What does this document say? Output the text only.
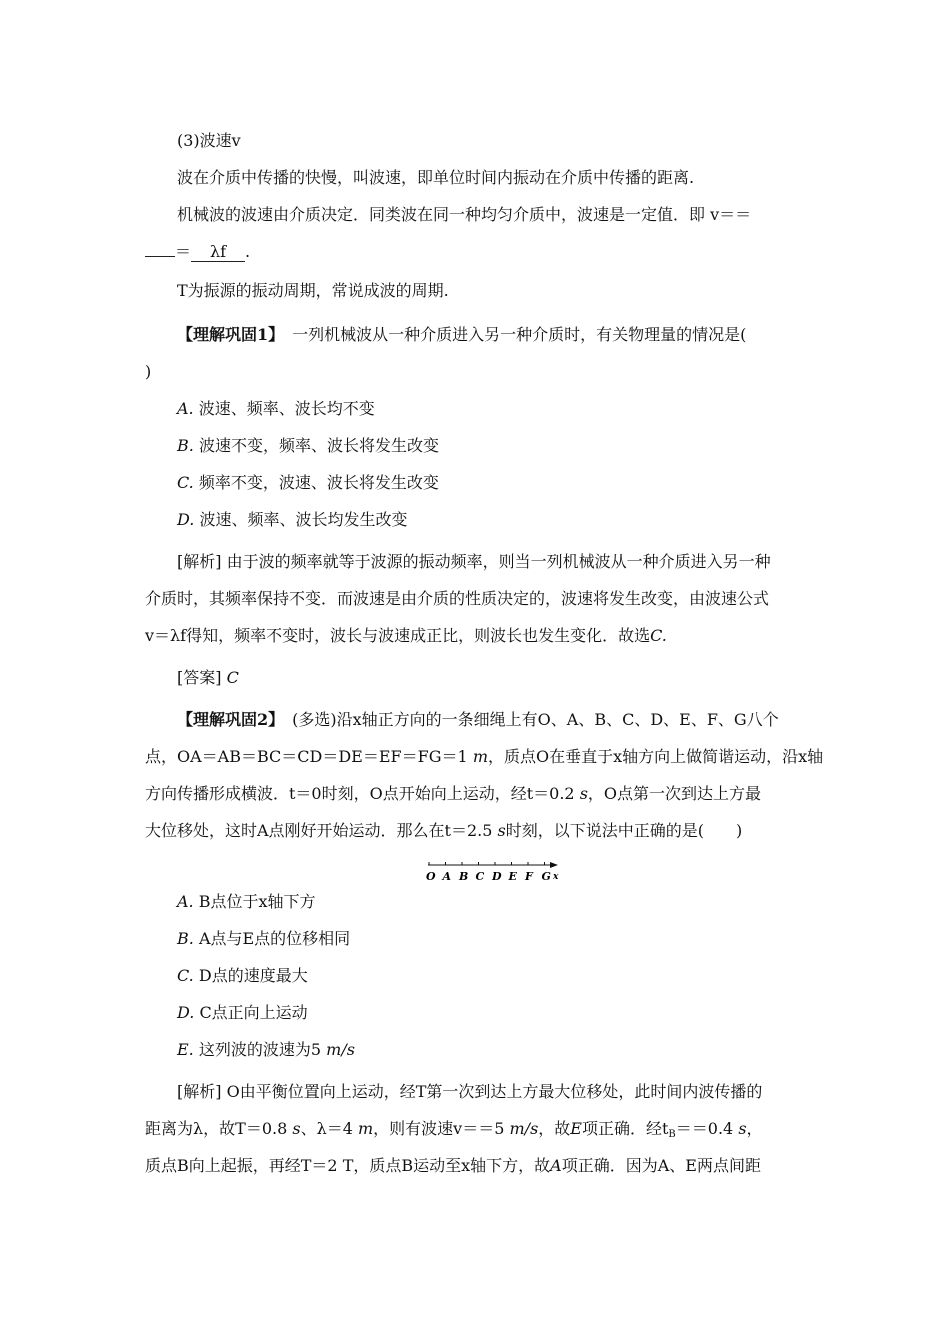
(3)波速v
波在介质中传播的快慢，叫波速，即单位时间内振动在介质中传播的距离.
机械波的波速由介质决定．同类波在同一种均匀介质中，波速是一定值．即 v＝＝
＝ λf .
T为振源的振动周期，常说成波的周期.
【理解巩固1】　一列机械波从一种介质进入另一种介质时，有关物理量的情况是(
)
A. 波速、频率、波长均不变
B. 波速不变，频率、波长将发生改变
C. 频率不变，波速、波长将发生改变
D. 波速、频率、波长均发生改变
[解析] 由于波的频率就等于波源的振动频率，则当一列机械波从一种介质进入另一种
介质时，其频率保持不变．而波速是由介质的性质决定的，波速将发生改变，由波速公式
v＝λf得知，频率不变时，波长与波速成正比，则波长也发生变化．故选C.
[答案] C
【理解巩固2】　(多选)沿x轴正方向的一条细绳上有O、A、B、C、D、E、F、G八个
点，OA＝AB＝BC＝CD＝DE＝EF＝FG＝1 m，质点O在垂直于x轴方向上做简谐运动，沿x轴
方向传播形成横波．t＝0时刻，O点开始向上运动，经t＝0.2 s，O点第一次到达上方最
大位移处，这时A点刚好开始运动．那么在t＝2.5 s时刻，以下说法中正确的是(　　)
O A B C D E F G x
A. B点位于x轴下方
B. A点与E点的位移相同
C. D点的速度最大
D. C点正向上运动
E. 这列波的波速为5 m/s
[解析] O由平衡位置向上运动，经T第一次到达上方最大位移处，此时间内波传播的
距离为λ，故T＝0.8 s、λ＝4 m，则有波速v＝＝5 m/s，故E项正确．经$t_B==0.4$ s，
质点B向上起振，再经T＝2 T，质点B运动至x轴下方，故A项正确．因为A、E两点间距
